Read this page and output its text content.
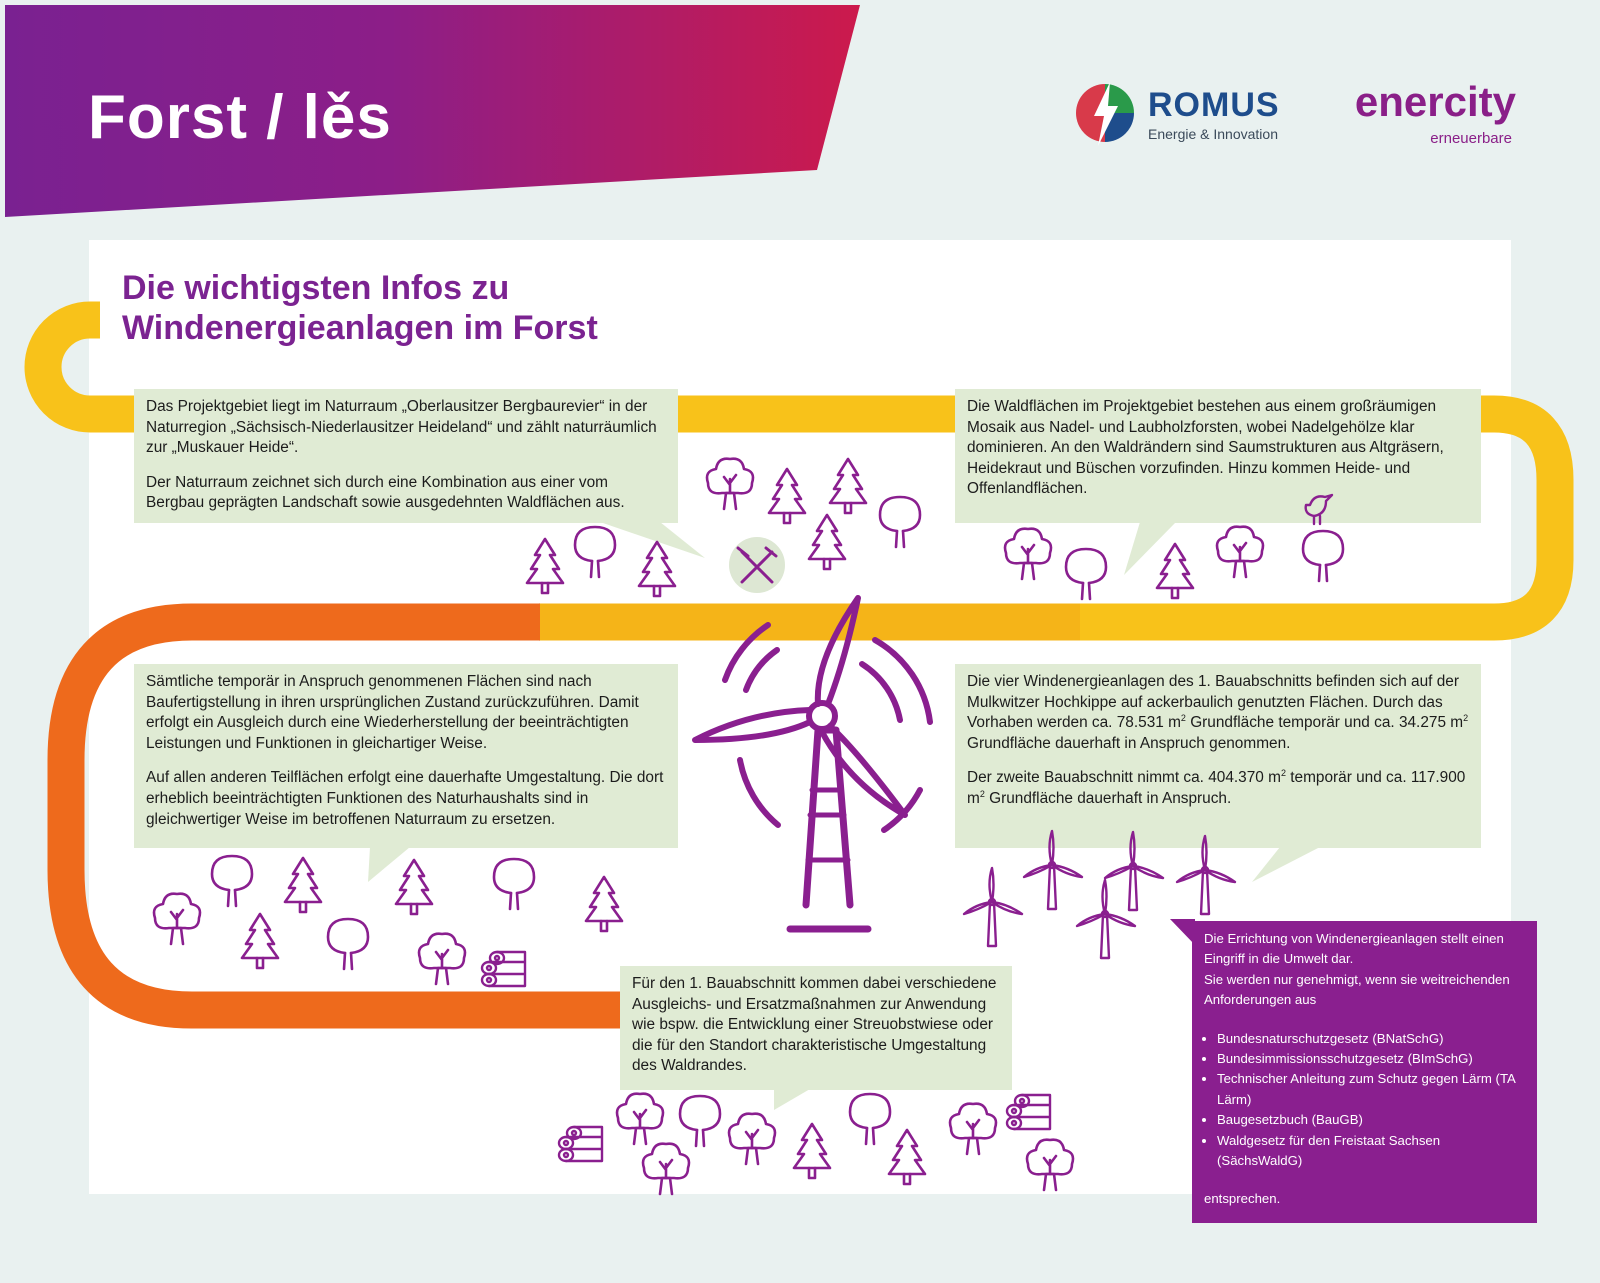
Forst / lěs	ROMUS
Energie & Innovation
enercity
erneuerbare
Die wichtigsten Infos zu
Windenergieanlagen im Forst

Das Projektgebiet liegt im Naturraum „Oberlausitzer Bergbaurevier“ in der Naturregion „Sächsisch-Niederlausitzer Heideland“ und zählt naturräumlich zur „Muskauer Heide“.

Der Naturraum zeichnet sich durch eine Kombination aus einer vom Bergbau geprägten Landschaft sowie ausgedehnten Waldflächen aus.

Die Waldflächen im Projektgebiet bestehen aus einem großräumigen Mosaik aus Nadel- und Laubholzforsten, wobei Nadelgehölze klar dominieren. An den Waldrändern sind Saumstrukturen aus Altgräsern, Heidekraut und Büschen vorzufinden. Hinzu kommen Heide- und Offenlandflächen.

Sämtliche temporär in Anspruch genommenen Flächen sind nach Baufertigstellung in ihren ursprünglichen Zustand zurückzuführen. Damit erfolgt ein Ausgleich durch eine Wiederherstellung der beeinträchtigten Leistungen und Funktionen in gleichartiger Weise.

Auf allen anderen Teilflächen erfolgt eine dauerhafte Umgestaltung. Die dort erheblich beeinträchtigten Funktionen des Naturhaushalts sind in gleichwertiger Weise im betroffenen Naturraum zu ersetzen.

Die vier Windenergieanlagen des 1. Bauabschnitts befinden sich auf der Mulkwitzer Hochkippe auf ackerbaulich genutzten Flächen. Durch das Vorhaben werden ca. 78.531 $m^2$ Grundfläche temporär und ca. 34.275 $m^2$ Grundfläche dauerhaft in Anspruch genommen.

Der zweite Bauabschnitt nimmt ca. 404.370 $m^2$ temporär und ca. 117.900 $m^2$ Grundfläche dauerhaft in Anspruch.

Für den 1. Bauabschnitt kommen dabei verschiedene Ausgleichs- und Ersatzmaßnahmen zur Anwendung wie bspw. die Entwicklung einer Streuobstwiese oder die für den Standort charakteristische Umgestaltung des Waldrandes.

Die Errichtung von Windenergieanlagen stellt einen Eingriff in die Umwelt dar.

Sie werden nur genehmigt, wenn sie weitreichenden Anforderungen aus

• Bundesnaturschutzgesetz (BNatSchG)
• Bundesimmissionsschutzgesetz (BImSchG)
• Technischer Anleitung zum Schutz gegen Lärm (TA Lärm)
• Baugesetzbuch (BauGB)
• Waldgesetz für den Freistaat Sachsen (SächsWaldG)

entsprechen.
